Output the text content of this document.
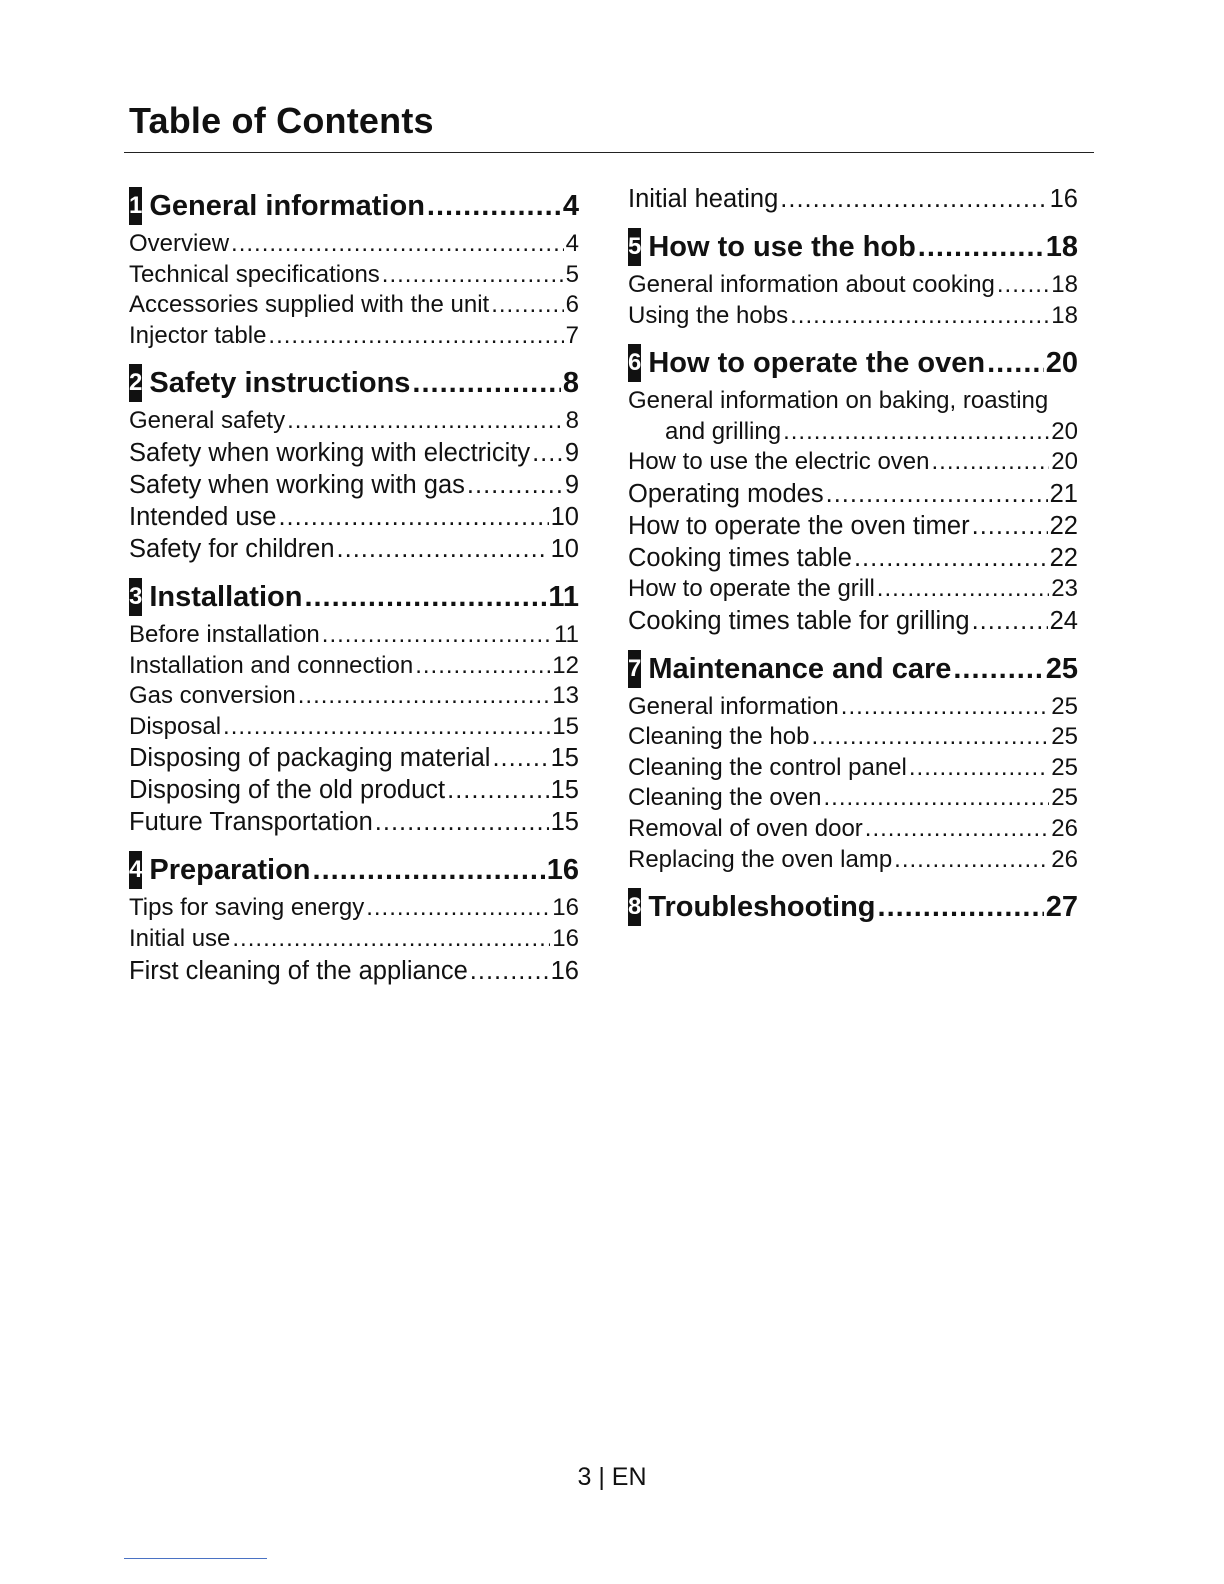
Table of Contents
1 General information .....	4
Overview .....	4
Technical specifications .....	5
Accessories supplied with the unit .....	6
Injector table .....	7
2 Safety instructions .....	8
General safety .....	8
Safety when working with electricity ..... 9
Safety when working with gas .....	9
Intended use .....	10
Safety for children .....	10
3 Installation .....	11
Before installation .....	11
Installation and connection .....	12
Gas conversion .....	13
Disposal .....	15
Disposing of packaging material ..... 15
Disposing of the old product .....	15
Future Transportation .....	15
4 Preparation .....	16
Tips for saving energy .....	16
Initial use .....	16
First cleaning of the appliance .....	16
Initial heating .....	16
5 How to use the hob .....	18
General information about cooking ..... 18
Using the hobs .....	18
6 How to operate the oven ..... 20
General information on baking, roasting
and grilling .....	20
How to use the electric oven .....	20
Operating modes .....	21
How to operate the oven timer .....	22
Cooking times table .....	22
How to operate the grill .....	23
Cooking times table for grilling .....	24
7 Maintenance and care .....	25
General information .....	25
Cleaning the hob .....	25
Cleaning the control panel .....	25
Cleaning the oven .....	25
Removal of oven door .....	26
Replacing the oven lamp .....	26
8 Troubleshooting .....	27
3 | EN
